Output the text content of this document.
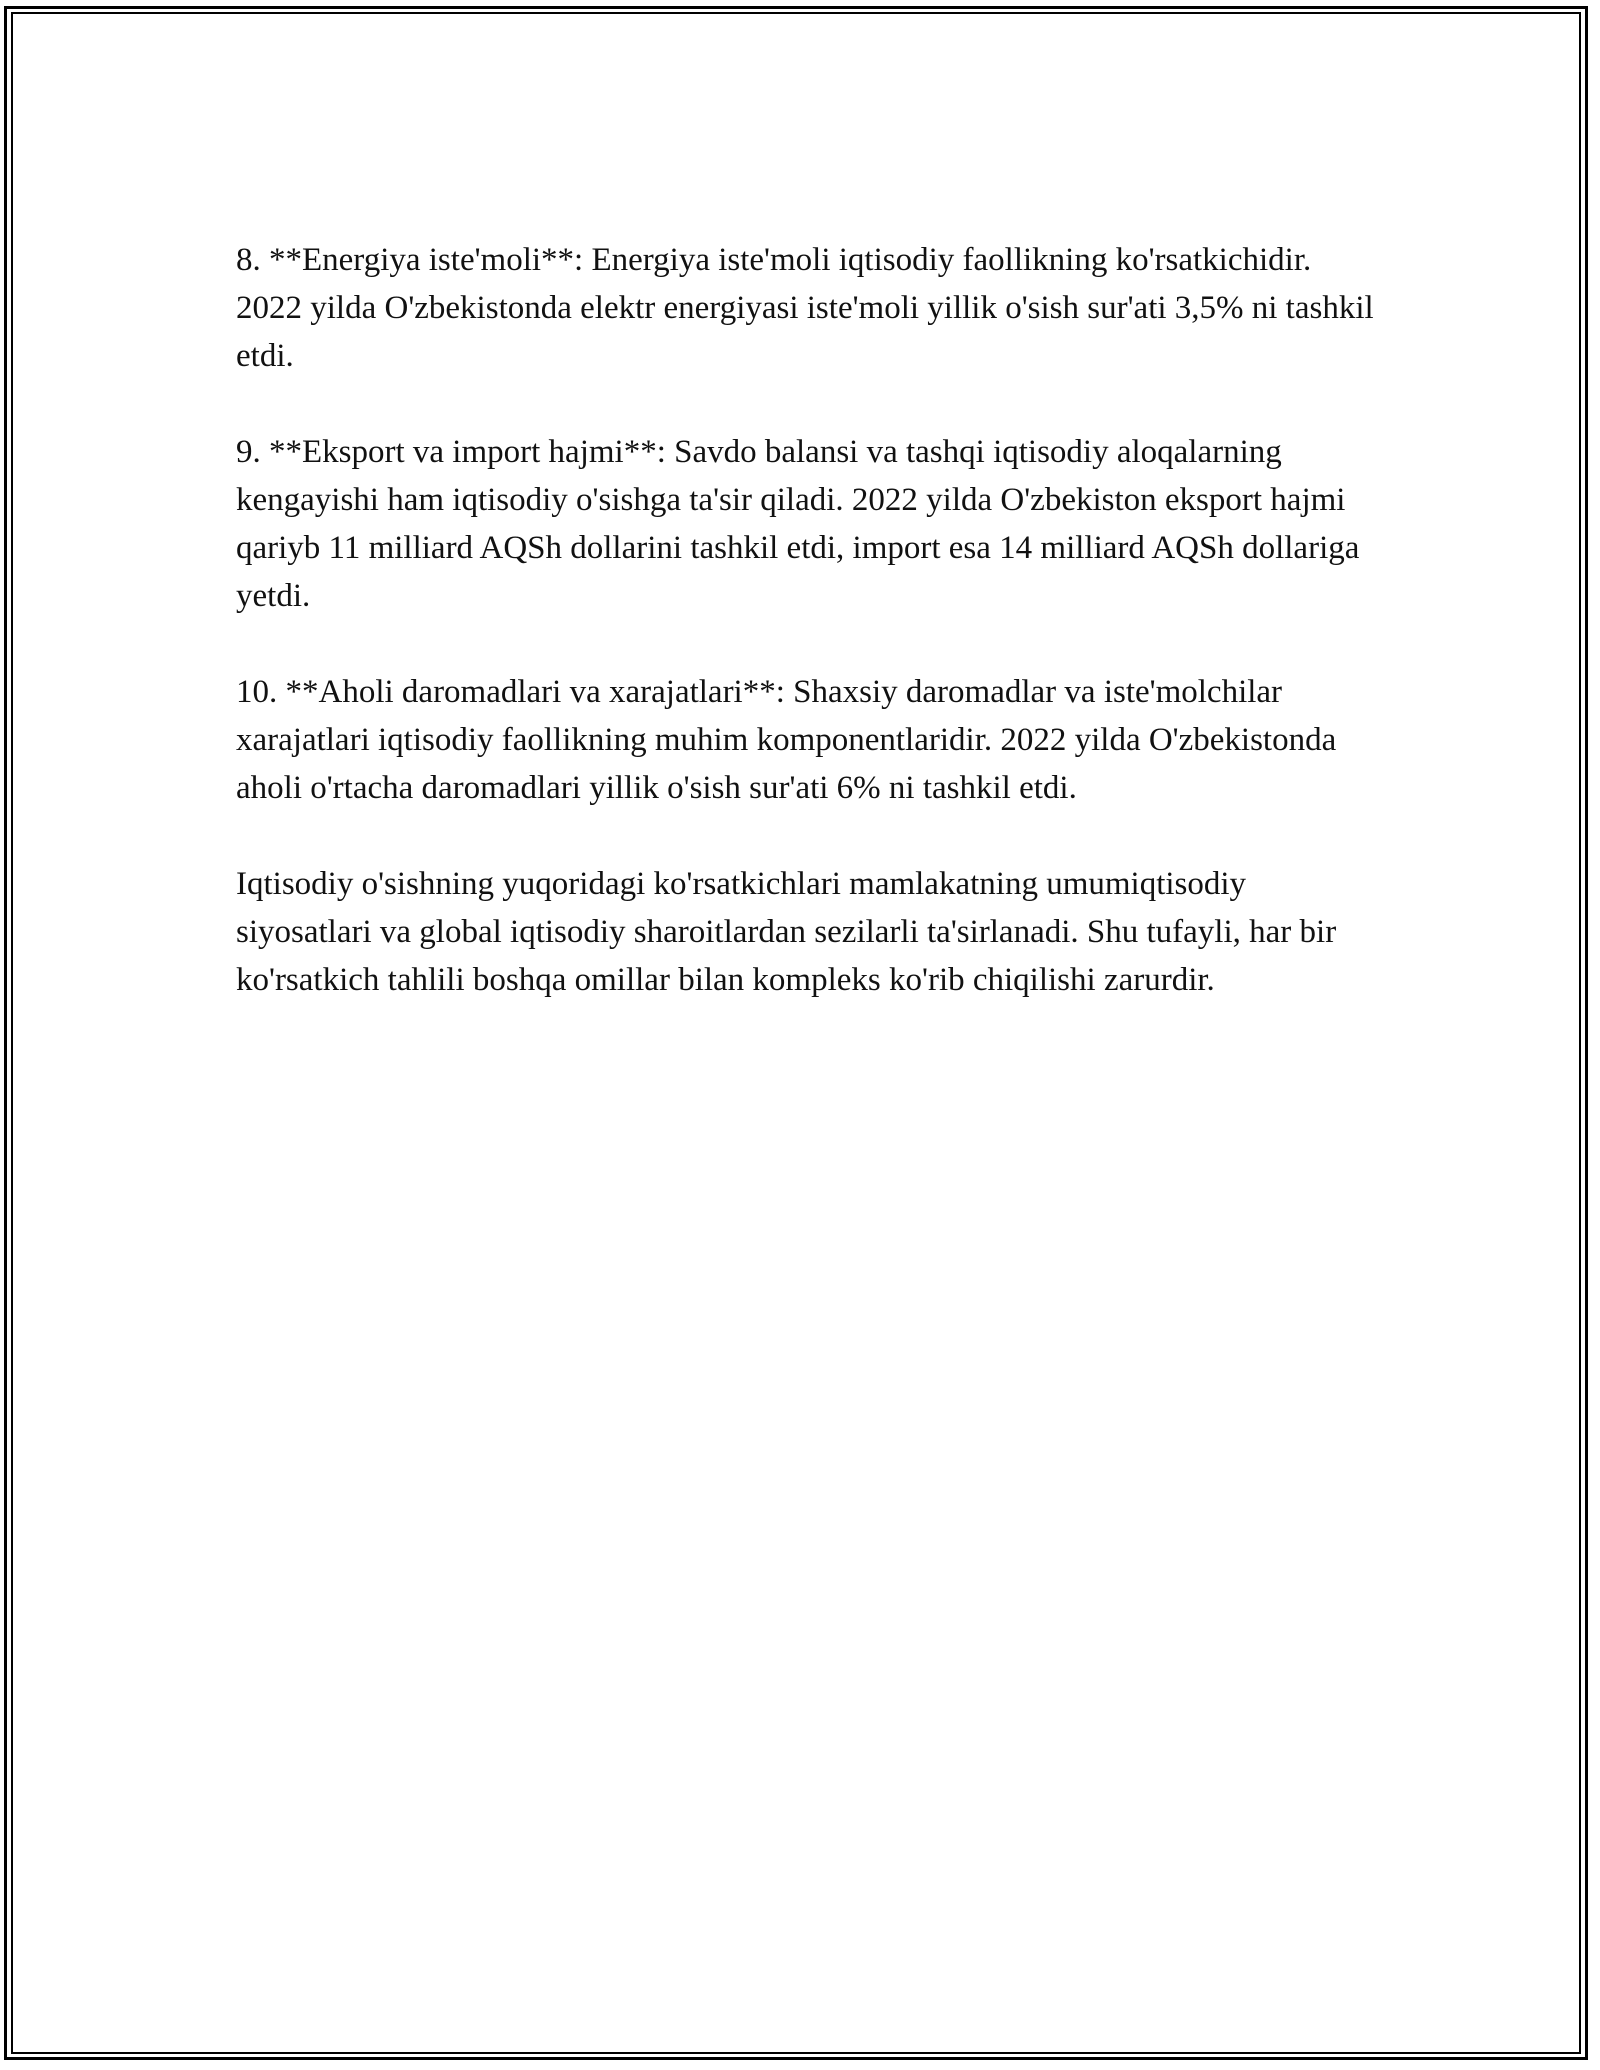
8. **Energiya iste'moli**: Energiya iste'moli iqtisodiy faollikning ko'rsatkichidir. 2022 yilda O'zbekistonda elektr energiyasi iste'moli yillik o'sish sur'ati 3,5% ni tashkil etdi.

9. **Eksport va import hajmi**: Savdo balansi va tashqi iqtisodiy aloqalarning kengayishi ham iqtisodiy o'sishga ta'sir qiladi. 2022 yilda O'zbekiston eksport hajmi qariyb 11 milliard AQSh dollarini tashkil etdi, import esa 14 milliard AQSh dollariga yetdi.

10. **Aholi daromadlari va xarajatlari**: Shaxsiy daromadlar va iste'molchilar xarajatlari iqtisodiy faollikning muhim komponentlaridir. 2022 yilda O'zbekistonda aholi o'rtacha daromadlari yillik o'sish sur'ati 6% ni tashkil etdi.

Iqtisodiy o'sishning yuqoridagi ko'rsatkichlari mamlakatning umumiqtisodiy siyosatlari va global iqtisodiy sharoitlardan sezilarli ta'sirlanadi. Shu tufayli, har bir ko'rsatkich tahlili boshqa omillar bilan kompleks ko'rib chiqilishi zarurdir.
